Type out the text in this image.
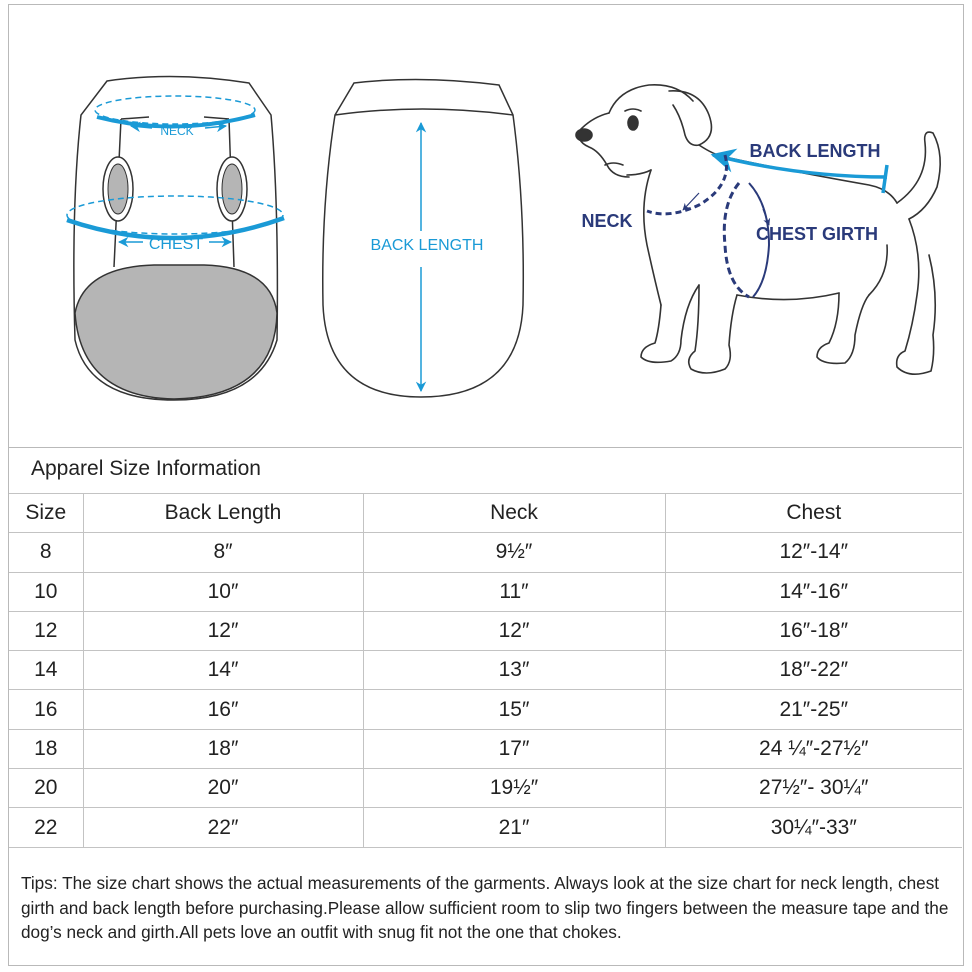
NECK
CHEST	BACK LENGTH
BACK LENGTH
NECK
CHEST GIRTH
Apparel Size Information
Size	Back Length	Neck	Chest
8	8″	9½″	12″-14″
10	10″	11″	14″-16″
12	12″	12″	16″-18″
14	14″	13″	18″-22″
16	16″	15″	21″-25″
18	18″	17″	24 ¼″-27½″
20	20″	19½″	27½″- 30¼″
22	22″	21″	30¼″-33″
Tips: The size chart shows the actual measurements of the garments. Always look at the size chart for neck length, chest girth and back length before purchasing.Please allow sufficient room to slip two fingers between the measure tape and the dog’s neck and girth.All pets love an outfit with snug fit not the one that chokes.
